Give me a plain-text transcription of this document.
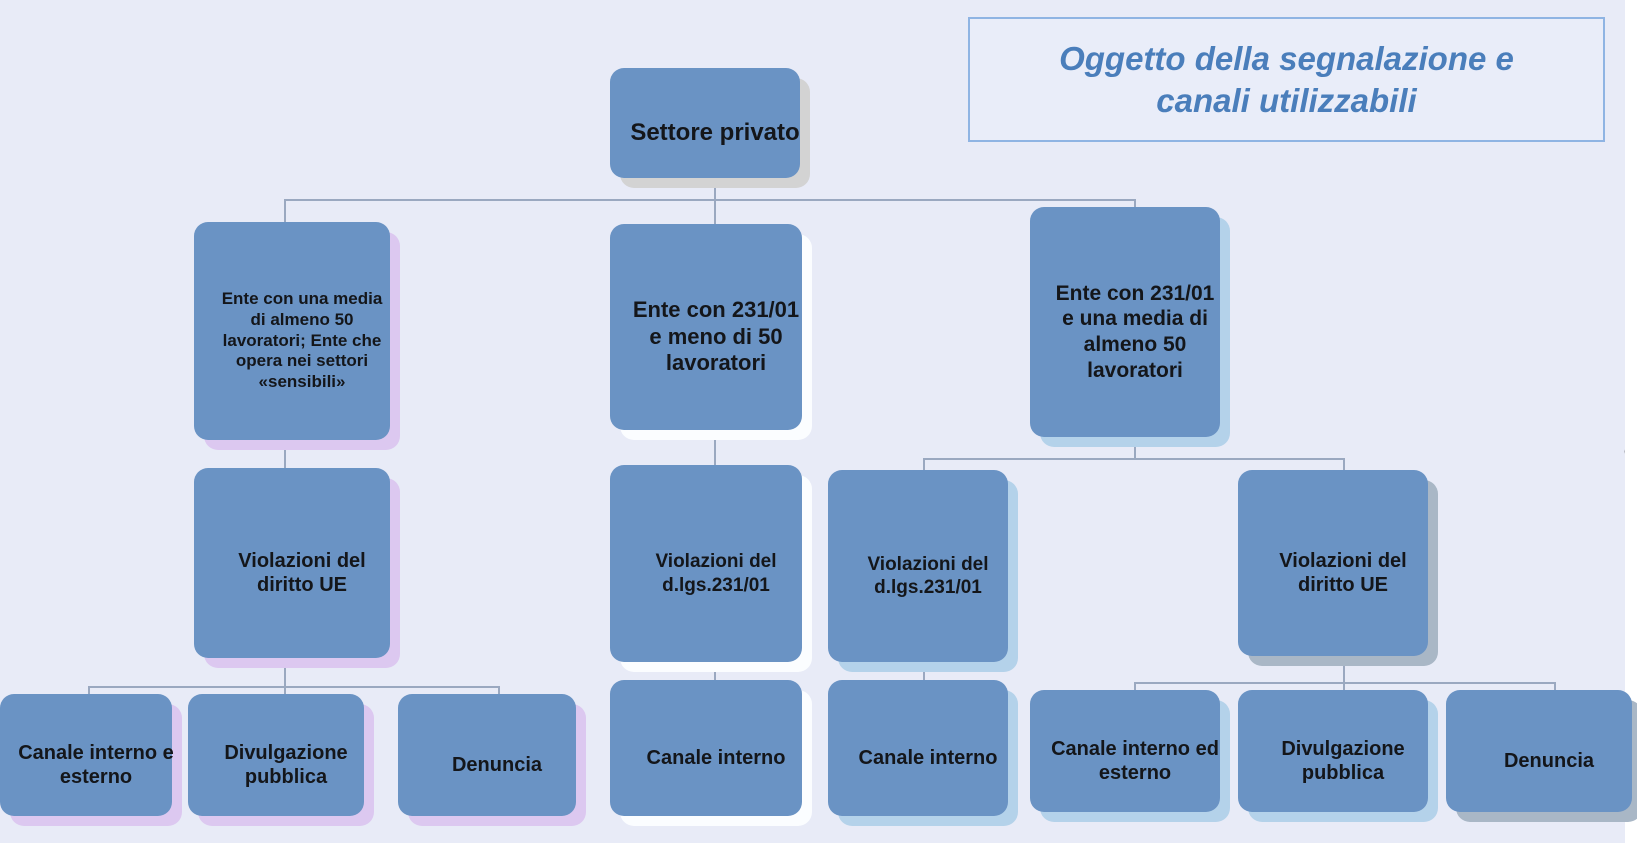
Oggetto della segnalazione e
canali utilizzabili
Settore privato
Ente con una media di almeno 50 lavoratori; Ente che opera nei settori «sensibili»
Ente con 231/01 e meno di 50 lavoratori
Ente con 231/01 e una media di almeno 50 lavoratori
Violazioni del diritto UE
Violazioni del d.lgs.231/01
Violazioni del d.lgs.231/01
Violazioni del diritto UE
Canale interno e esterno
Divulgazione pubblica
Denuncia	Canale interno	Canale interno	Canale interno ed esterno
Divulgazione pubblica
Denuncia
